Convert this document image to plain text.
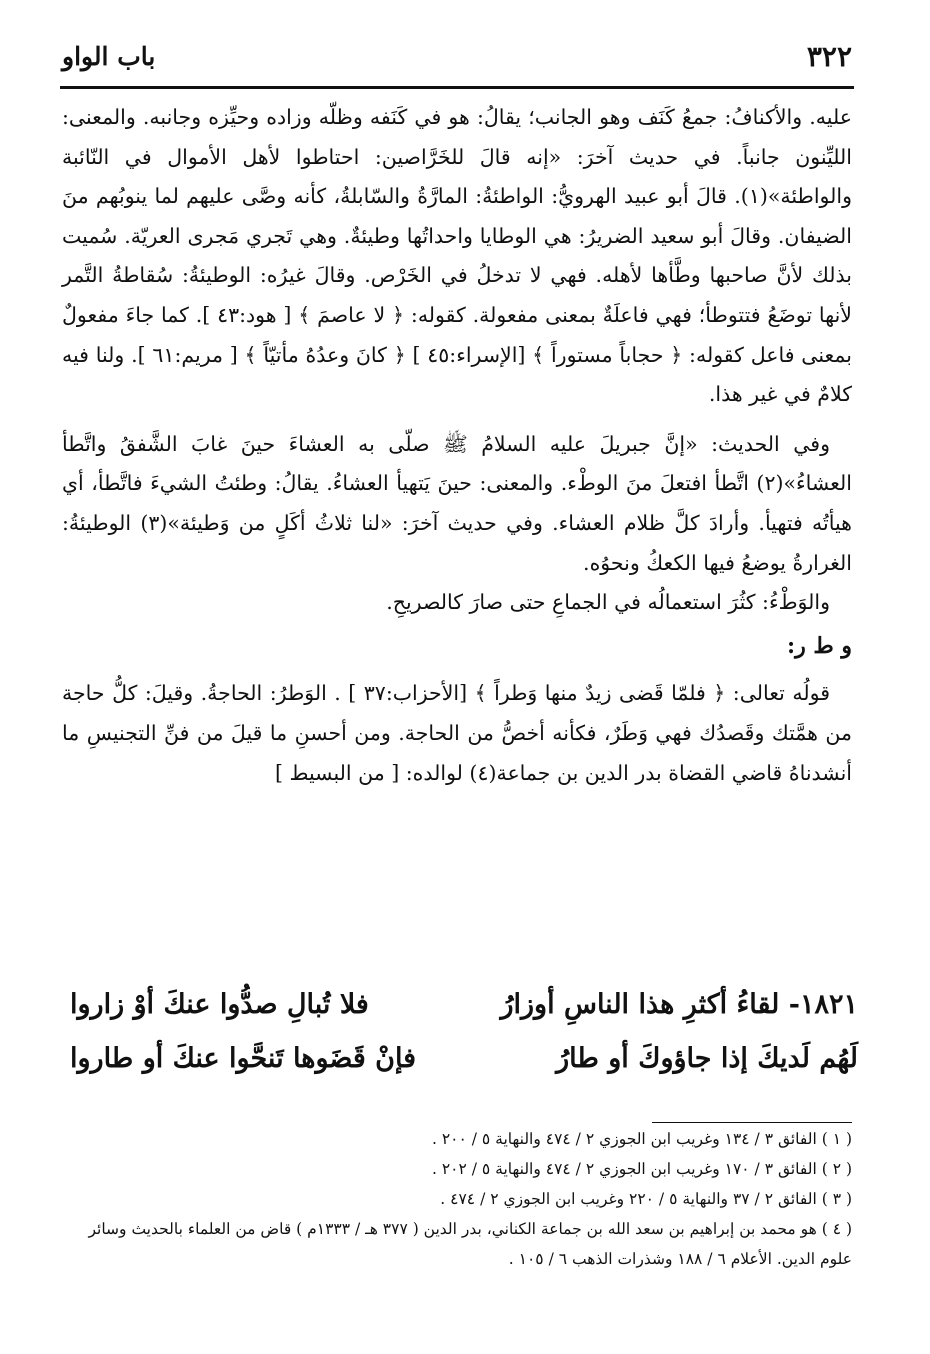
٣٢٢
باب الواو

عليه. والأكنافُ: جمعُ كَنَف وهو الجانب؛ يقالُ: هو في كَنَفه وظلّه وزاده وحيِّزه وجانبه. والمعنى: الليِّنون جانباً. في حديث آخرَ: «إنه قالَ للخَرَّاصين: احتاطوا لأهل الأموال في النّائبة والواطئة»(١). قالَ أبو عبيد الهرويُّ: الواطئةُ: المارَّةُ والسّابلةُ، كأنه وصَّى عليهم لما ينوبُهم منَ الضيفان. وقالَ أبو سعيد الضريرُ: هي الوطايا واحداتُها وطيئةٌ. وهي تَجري مَجرى العريّة. سُميت بذلك لأنَّ صاحبها وطَّأها لأهله. فهي لا تدخلُ في الخَرْص. وقالَ غيرُه: الوطيئةُ: سُقاطةُ التَّمر لأنها توضَعُ فتتوطأ؛ فهي فاعلَةٌ بمعنى مفعولة. كقوله: ﴿ لا عاصمَ ﴾ [ هود:٤٣ ]. كما جاءَ مفعولٌ بمعنى فاعل كقوله: ﴿ حجاباً مستوراً ﴾ [الإسراء:٤٥ ] ﴿ كانَ وعدُهُ مأتيّاً ﴾ [ مريم:٦١ ]. ولنا فيه كلامٌ في غير هذا.

وفي الحديث: «إنَّ جبريلَ عليه السلامُ ﷺ صلّى به العشاءَ حينَ غابَ الشَّفقُ واتَّطأ العشاءُ»(٢) اتَّطأ افتعلَ منَ الوطْء. والمعنى: حينَ يَتهيأ العشاءُ. يقالُ: وطئتُ الشيءَ فاتَّطأ، أي هيأتُه فتهيأ. وأرادَ كلَّ ظلام العشاء. وفي حديث آخرَ: «لنا ثلاثُ أكَلٍ من وَطيئة»(٣) الوطيئةُ: الغرارةُ يوضعُ فيها الكعكُ ونحوُه.

والوَطْءُ: كثُرَ استعمالُه في الجماعِ حتى صارَ كالصريحِ.

و ط ر:

قولُه تعالى: ﴿ فلمّا قَضى زيدٌ منها وَطراً ﴾ [الأحزاب:٣٧ ] . الوَطرُ: الحاجةُ. وقيلَ: كلُّ حاجة من همَّتك وقَصدُك فهي وَطَرٌ، فكأنه أخصُّ من الحاجة. ومن أحسنِ ما قيلَ من فنِّ التجنيسِ ما أنشدناهُ قاضي القضاة بدر الدين بن جماعة(٤) لوالده: [ من البسيط ]

١٨٢١- لقاءُ أكثرِ هذا الناسِ أوزارُ
فلا تُبالِ صدُّوا عنكَ أوْ زاروا
لَهُم لَديكَ إذا جاؤوكَ أو طارُ
فإنْ قَضَوها تَنحَّوا عنكَ أو طاروا

( ١ ) الفائق ٣ / ١٣٤ وغريب ابن الجوزي ٢ / ٤٧٤ والنهاية ٥ / ٢٠٠ .

( ٢ ) الفائق ٣ / ١٧٠ وغريب ابن الجوزي ٢ / ٤٧٤ والنهاية ٥ / ٢٠٢ .

( ٣ ) الفائق ٢ / ٣٧ والنهاية ٥ / ٢٢٠ وغريب ابن الجوزي ٢ / ٤٧٤ .

( ٤ ) هو محمد بن إبراهيم بن سعد الله بن جماعة الكناني، بدر الدين ( ٣٧٧ هـ / ١٣٣٣م ) قاض من العلماء بالحديث وسائر علوم الدين. الأعلام ٦ / ١٨٨ وشذرات الذهب ٦ / ١٠٥ .
